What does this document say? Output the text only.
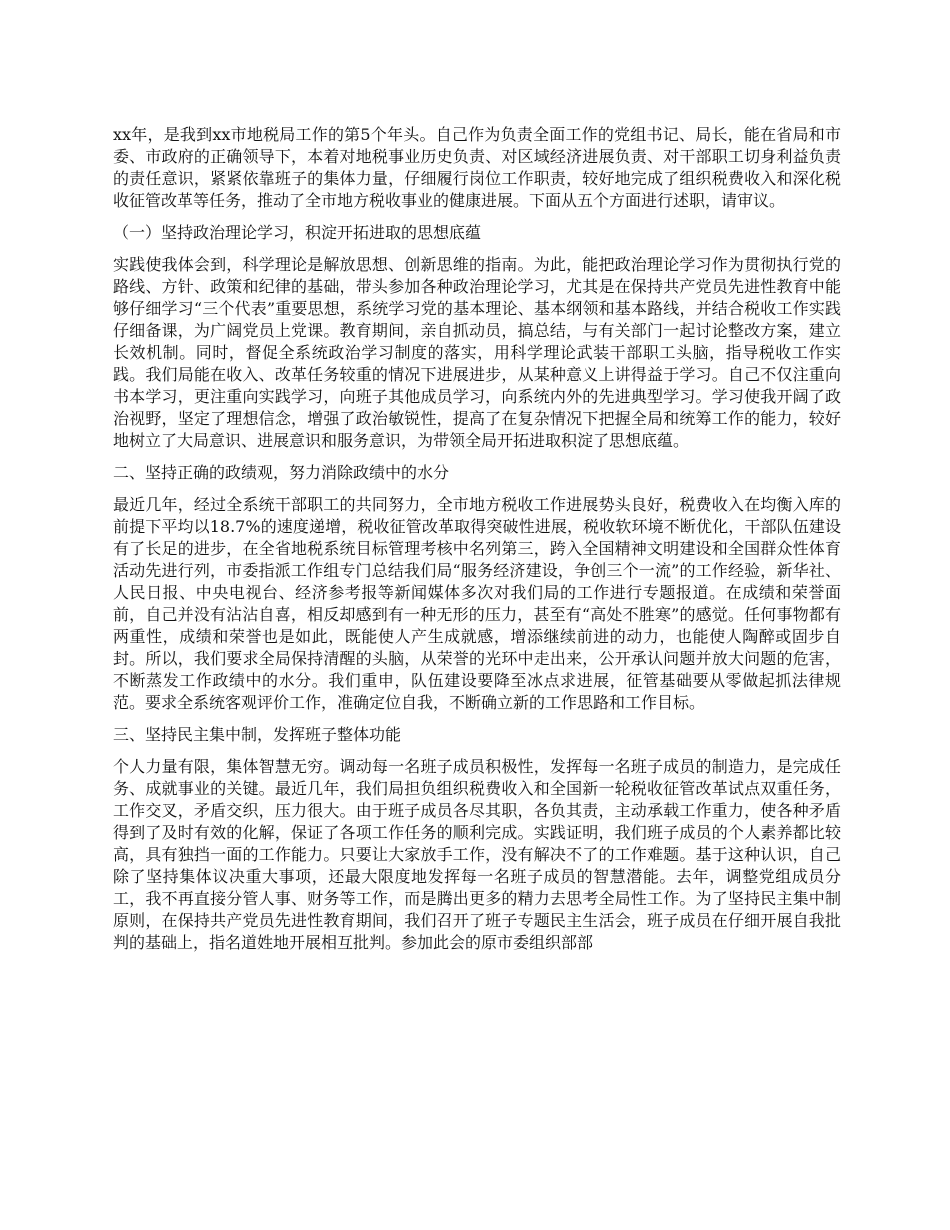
xx年，是我到xx市地税局工作的第5个年头。自己作为负责全面工作的党组书记、局长，能在省局和市委、市政府的正确领导下，本着对地税事业历史负责、对区域经济进展负责、对干部职工切身利益负责的责任意识，紧紧依靠班子的集体力量，仔细履行岗位工作职责，较好地完成了组织税费收入和深化税收征管改革等任务，推动了全市地方税收事业的健康进展。下面从五个方面进行述职，请审议。

（一）坚持政治理论学习，积淀开拓进取的思想底蕴

实践使我体会到，科学理论是解放思想、创新思维的指南。为此，能把政治理论学习作为贯彻执行党的路线、方针、政策和纪律的基础，带头参加各种政治理论学习，尤其是在保持共产党员先进性教育中能够仔细学习“三个代表”重要思想，系统学习党的基本理论、基本纲领和基本路线，并结合税收工作实践仔细备课，为广阔党员上党课。教育期间，亲自抓动员，搞总结，与有关部门一起讨论整改方案，建立长效机制。同时，督促全系统政治学习制度的落实，用科学理论武装干部职工头脑，指导税收工作实践。我们局能在收入、改革任务较重的情况下进展进步，从某种意义上讲得益于学习。自己不仅注重向书本学习，更注重向实践学习，向班子其他成员学习，向系统内外的先进典型学习。学习使我开阔了政治视野，坚定了理想信念，增强了政治敏锐性，提高了在复杂情况下把握全局和统筹工作的能力，较好地树立了大局意识、进展意识和服务意识，为带领全局开拓进取积淀了思想底蕴。

二、坚持正确的政绩观，努力消除政绩中的水分

最近几年，经过全系统干部职工的共同努力，全市地方税收工作进展势头良好，税费收入在均衡入库的前提下平均以18.7%的速度递增，税收征管改革取得突破性进展，税收软环境不断优化，干部队伍建设有了长足的进步，在全省地税系统目标管理考核中名列第三，跨入全国精神文明建设和全国群众性体育活动先进行列，市委指派工作组专门总结我们局“服务经济建设，争创三个一流”的工作经验，新华社、人民日报、中央电视台、经济参考报等新闻媒体多次对我们局的工作进行专题报道。在成绩和荣誉面前，自己并没有沾沾自喜，相反却感到有一种无形的压力，甚至有“高处不胜寒”的感觉。任何事物都有两重性，成绩和荣誉也是如此，既能使人产生成就感，增添继续前进的动力，也能使人陶醉或固步自封。所以，我们要求全局保持清醒的头脑，从荣誉的光环中走出来，公开承认问题并放大问题的危害，不断蒸发工作政绩中的水分。我们重申，队伍建设要降至冰点求进展，征管基础要从零做起抓法律规范。要求全系统客观评价工作，准确定位自我，不断确立新的工作思路和工作目标。

三、坚持民主集中制，发挥班子整体功能

个人力量有限，集体智慧无穷。调动每一名班子成员积极性，发挥每一名班子成员的制造力，是完成任务、成就事业的关键。最近几年，我们局担负组织税费收入和全国新一轮税收征管改革试点双重任务，工作交叉，矛盾交织，压力很大。由于班子成员各尽其职，各负其责，主动承载工作重力，使各种矛盾得到了及时有效的化解，保证了各项工作任务的顺利完成。实践证明，我们班子成员的个人素养都比较高，具有独挡一面的工作能力。只要让大家放手工作，没有解决不了的工作难题。基于这种认识，自己除了坚持集体议决重大事项，还最大限度地发挥每一名班子成员的智慧潜能。去年，调整党组成员分工，我不再直接分管人事、财务等工作，而是腾出更多的精力去思考全局性工作。为了坚持民主集中制原则，在保持共产党员先进性教育期间，我们召开了班子专题民主生活会，班子成员在仔细开展自我批判的基础上，指名道姓地开展相互批判。参加此会的原市委组织部部
